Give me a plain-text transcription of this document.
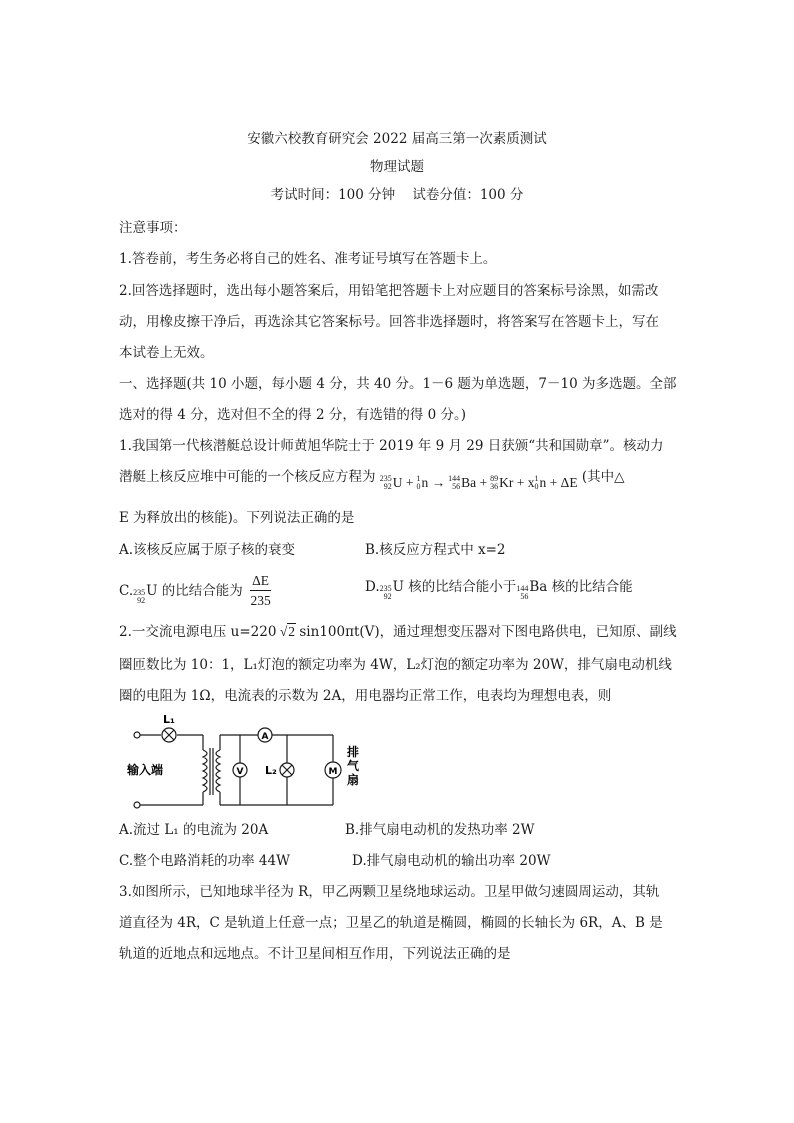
安徽六校教育研究会 2022 届高三第一次素质测试
物理试题
考试时间：100 分钟    试卷分值：100 分
注意事项：
1.答卷前，考生务必将自己的姓名、准考证号填写在答题卡上。
2.回答选择题时，选出每小题答案后，用铅笔把答题卡上对应题目的答案标号涂黑，如需改
动，用橡皮擦干净后，再选涂其它答案标号。回答非选择题时，将答案写在答题卡上，写在
本试卷上无效。
一、选择题(共 10 小题，每小题 4 分，共 40 分。1－6 题为单选题，7－10 为多选题。全部
选对的得 4 分，选对但不全的得 2 分，有选错的得 0 分。)
1.我国第一代核潜艇总设计师黄旭华院士于 2019 年 9 月 29 日获颁“共和国勋章”。核动力
潜艇上核反应堆中可能的一个核反应方程为 235
92 U + 1
0 n → 144
56 Ba + 89
36 Kr + x 1
0 n + ΔE (其中△
E 为释放出的核能)。下列说法正确的是
A.该核反应属于原子核的衰变	B.核反应方程式中 x=2
C. 235
92
U 的比结合能为 $\frac{\Delta E}{235}$	D. 235
92
U 核的比结合能小于 144
56
Ba 核的比结合能
2.一交流电源电压 u=220 √2 sin100πt(V)，通过理想变压器对下图电路供电，已知原、副线
圈匝数比为 10：1，L₁灯泡的额定功率为 4W，L₂灯泡的额定功率为 20W，排气扇电动机线
圈的电阻为 1Ω，电流表的示数为 2A，用电器均正常工作，电表均为理想电表，则
A
V	M
L₁
L₂
输入端
排
气
扇
A.流过 L₁ 的电流为 20A	B.排气扇电动机的发热功率 2W
C.整个电路消耗的功率 44W	D.排气扇电动机的输出功率 20W
3.如图所示，已知地球半径为 R，甲乙两颗卫星绕地球运动。卫星甲做匀速圆周运动，其轨
道直径为 4R，C 是轨道上任意一点；卫星乙的轨道是椭圆，椭圆的长轴长为 6R，A、B 是
轨道的近地点和远地点。不计卫星间相互作用，下列说法正确的是
